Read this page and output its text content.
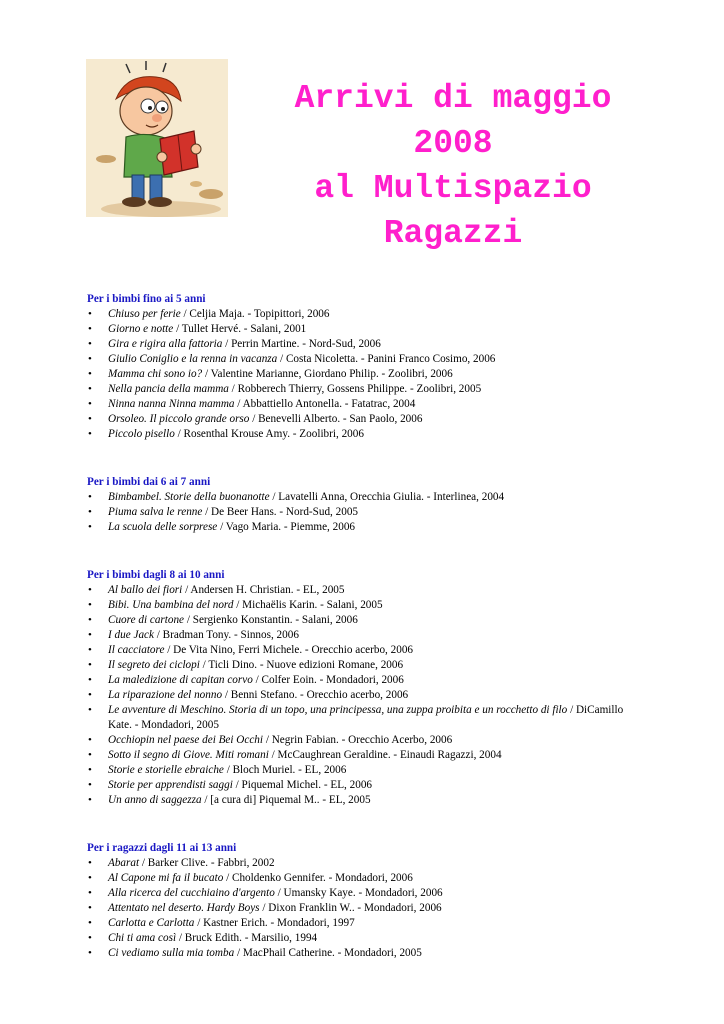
Arrivi di maggio
2008
al Multispazio
Ragazzi

Per i bimbi fino ai 5 anni

• Chiuso per ferie / Celjia Maja. - Topipittori, 2006
• Giorno e notte / Tullet Hervé. - Salani, 2001
• Gira e rigira alla fattoria / Perrin Martine. - Nord-Sud, 2006
• Giulio Coniglio e la renna in vacanza / Costa Nicoletta. - Panini Franco Cosimo, 2006
• Mamma chi sono io? / Valentine Marianne, Giordano Philip. - Zoolibri, 2006
• Nella pancia della mamma / Robberech Thierry, Gossens Philippe. - Zoolibri, 2005
• Ninna nanna Ninna mamma / Abbattiello Antonella. - Fatatrac, 2004
• Orsoleo. Il piccolo grande orso / Benevelli Alberto. - San Paolo, 2006
• Piccolo pisello / Rosenthal Krouse Amy. - Zoolibri, 2006

Per i bimbi dai 6 ai 7 anni

• Bimbambel. Storie della buonanotte / Lavatelli Anna, Orecchia Giulia. - Interlinea, 2004
• Piuma salva le renne / De Beer Hans. - Nord-Sud, 2005
• La scuola delle sorprese / Vago Maria. - Piemme, 2006

Per i bimbi dagli 8 ai 10 anni

• Al ballo dei fiori / Andersen H. Christian. - EL, 2005
• Bibi. Una bambina del nord / Michaëlis Karin. - Salani, 2005
• Cuore di cartone / Sergienko Konstantin. - Salani, 2006
• I due Jack / Bradman Tony. - Sinnos, 2006
• Il cacciatore / De Vita Nino, Ferri Michele. - Orecchio acerbo, 2006
• Il segreto dei ciclopi / Ticli Dino. - Nuove edizioni Romane, 2006
• La maledizione di capitan corvo / Colfer Eoin. - Mondadori, 2006
• La riparazione del nonno / Benni Stefano. - Orecchio acerbo, 2006
• Le avventure di Meschino. Storia di un topo, una principessa, una zuppa proibita e un rocchetto di filo / DiCamillo Kate. - Mondadori, 2005
• Occhiopin nel paese dei Bei Occhi / Negrin Fabian. - Orecchio Acerbo, 2006
• Sotto il segno di Giove. Miti romani / McCaughrean Geraldine. - Einaudi Ragazzi, 2004
• Storie e storielle ebraiche / Bloch Muriel. - EL, 2006
• Storie per apprendisti saggi / Piquemal Michel. - EL, 2006
• Un anno di saggezza / [a cura di] Piquemal M.. - EL, 2005

Per i ragazzi dagli 11 ai 13 anni

• Abarat / Barker Clive. - Fabbri, 2002
• Al Capone mi fa il bucato / Choldenko Gennifer. - Mondadori, 2006
• Alla ricerca del cucchiaino d'argento / Umansky Kaye. - Mondadori, 2006
• Attentato nel deserto. Hardy Boys / Dixon Franklin W.. - Mondadori, 2006
• Carlotta e Carlotta / Kastner Erich. - Mondadori, 1997
• Chi ti ama così / Bruck Edith. - Marsilio, 1994
• Ci vediamo sulla mia tomba / MacPhail Catherine. - Mondadori, 2005
